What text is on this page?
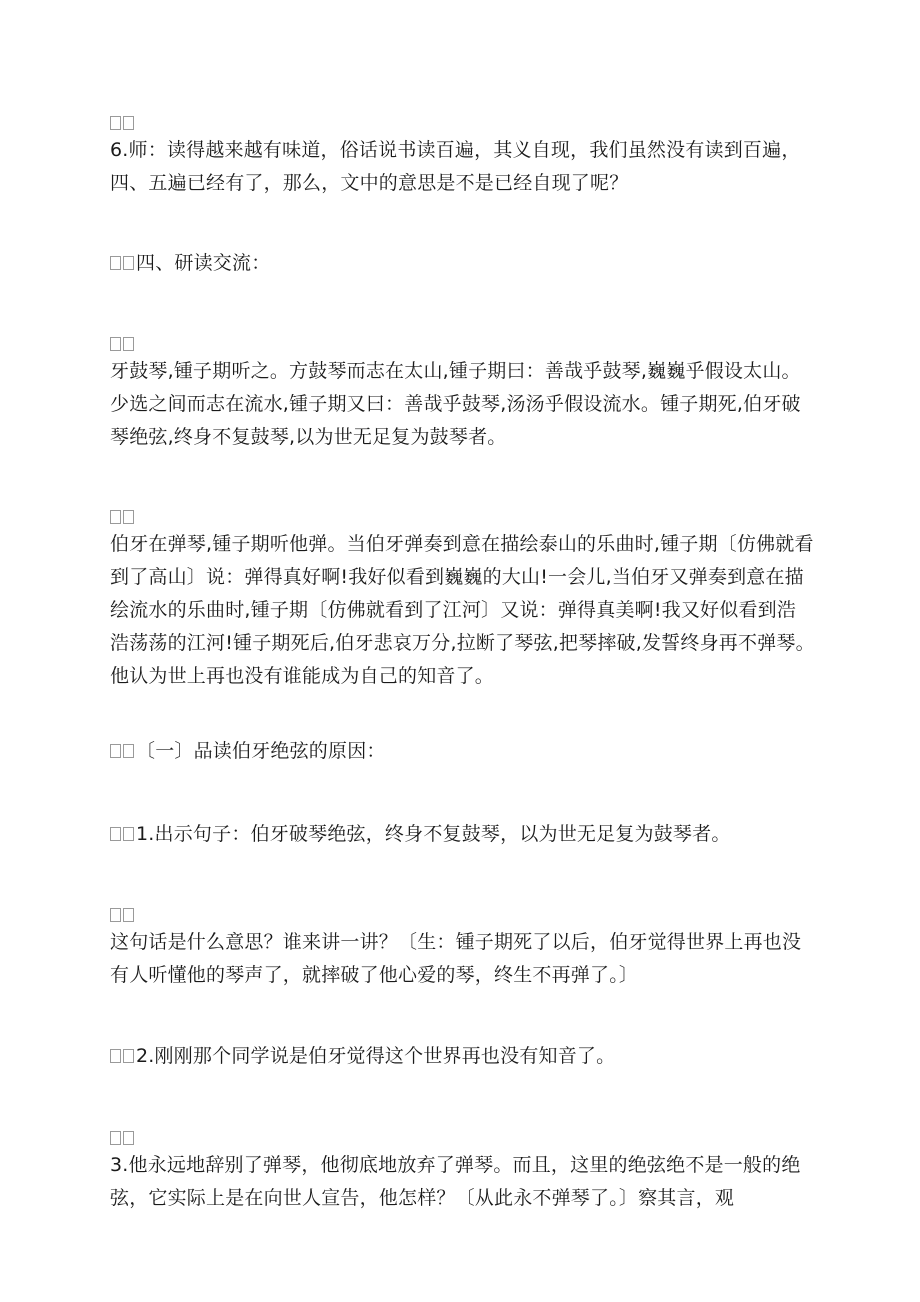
6.师：读得越来越有味道，俗话说书读百遍，其义自现，我们虽然没有读到百遍，四、五遍已经有了，那么，文中的意思是不是已经自现了呢？
四、研读交流：
牙鼓琴,锺子期听之。方鼓琴而志在太山,锺子期曰：善哉乎鼓琴,巍巍乎假设太山。少选之间而志在流水,锺子期又曰：善哉乎鼓琴,汤汤乎假设流水。锺子期死,伯牙破琴绝弦,终身不复鼓琴,以为世无足复为鼓琴者。
伯牙在弹琴,锺子期听他弹。当伯牙弹奏到意在描绘泰山的乐曲时,锺子期〔仿佛就看到了高山〕说：弹得真好啊!我好似看到巍巍的大山!一会儿,当伯牙又弹奏到意在描绘流水的乐曲时,锺子期〔仿佛就看到了江河〕又说：弹得真美啊!我又好似看到浩浩荡荡的江河!锺子期死后,伯牙悲哀万分,拉断了琴弦,把琴摔破,发誓终身再不弹琴。他认为世上再也没有谁能成为自己的知音了。
〔一〕品读伯牙绝弦的原因：
1.出示句子：伯牙破琴绝弦，终身不复鼓琴，以为世无足复为鼓琴者。
这句话是什么意思？谁来讲一讲？〔生：锺子期死了以后，伯牙觉得世界上再也没有人听懂他的琴声了，就摔破了他心爱的琴，终生不再弹了。〕
2.刚刚那个同学说是伯牙觉得这个世界再也没有知音了。
3.他永远地辞别了弹琴，他彻底地放弃了弹琴。而且，这里的绝弦绝不是一般的绝弦，它实际上是在向世人宣告，他怎样？〔从此永不弹琴了。〕察其言，观
